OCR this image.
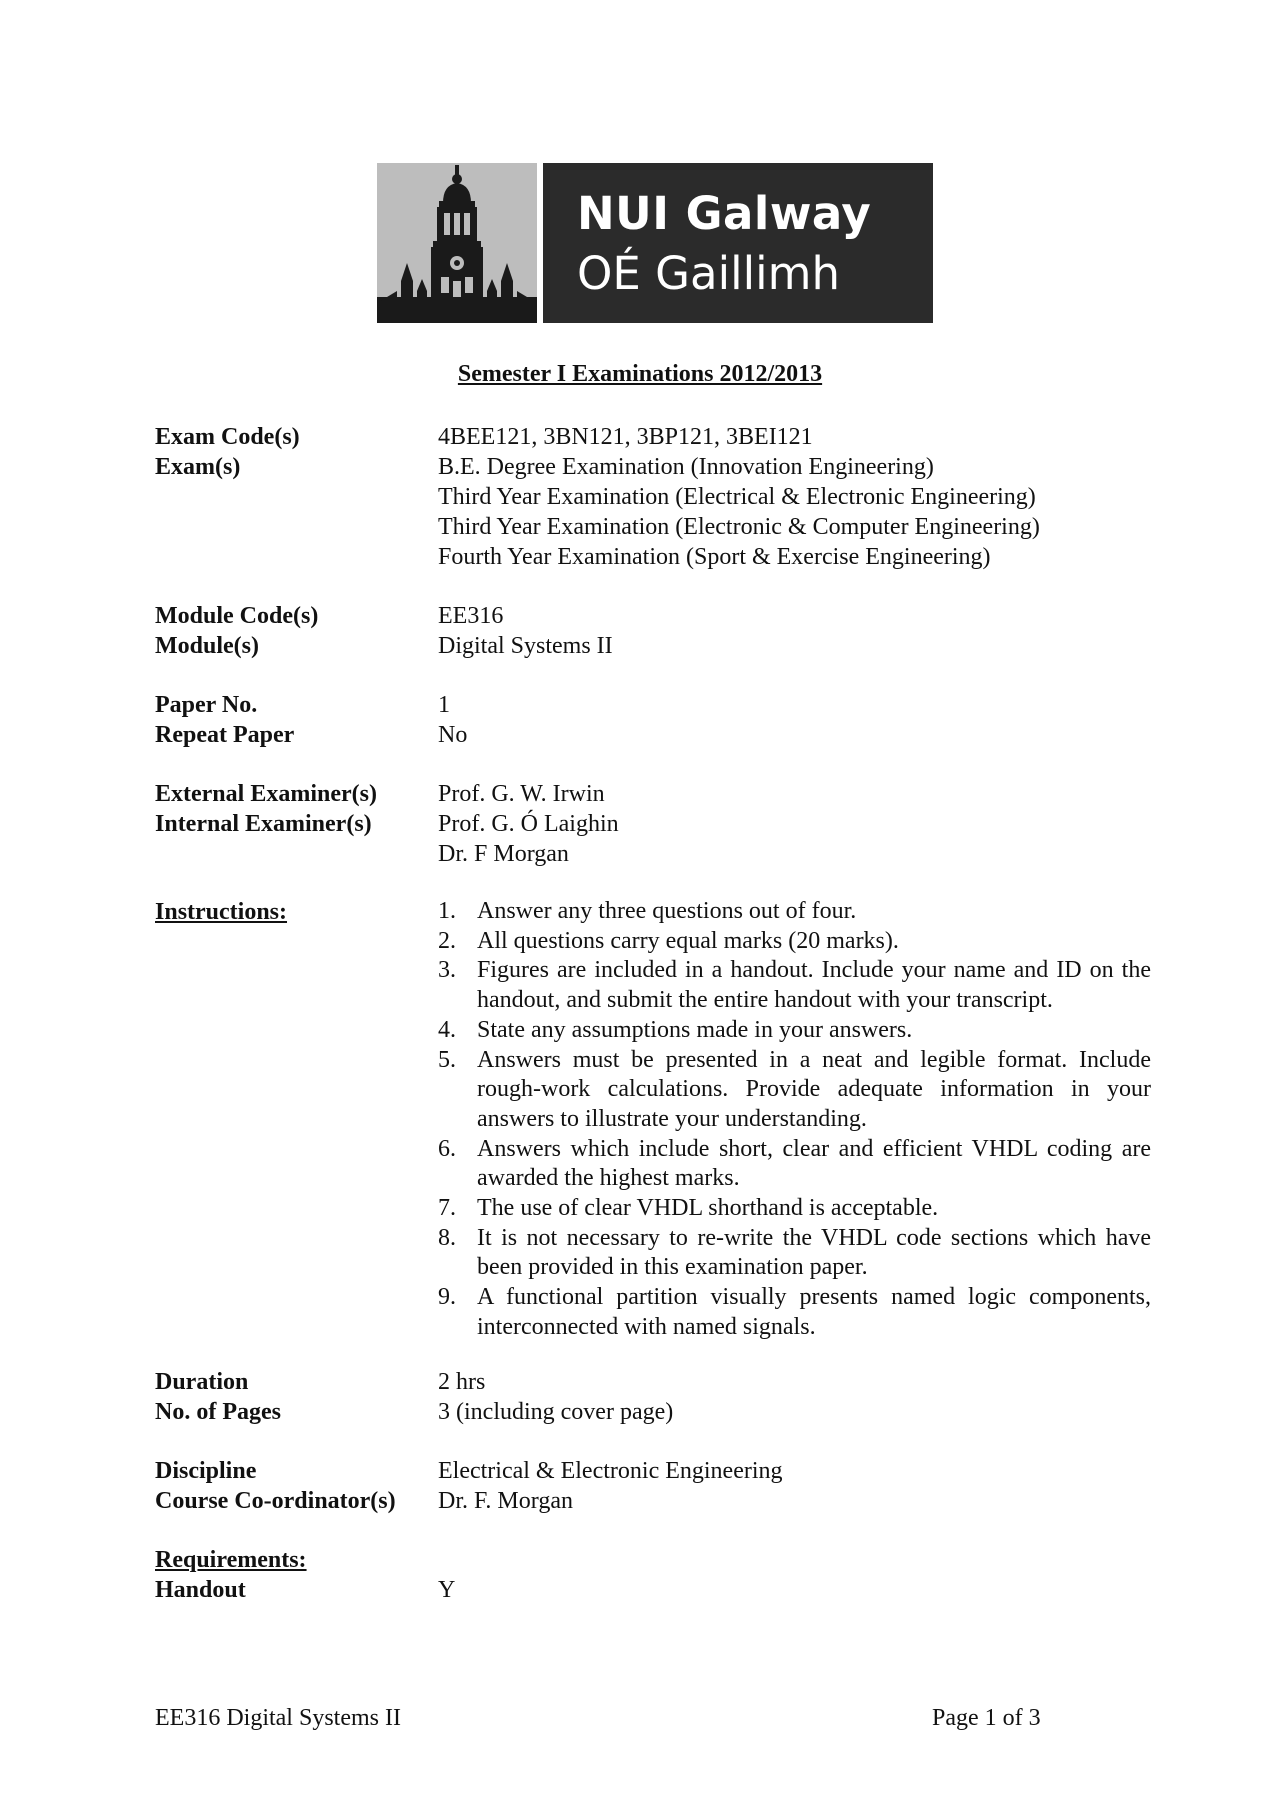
NUI Galway
OÉ Gaillimh
Semester I Examinations 2012/2013
Exam Code(s)	4BEE121, 3BN121, 3BP121, 3BEI121
Exam(s)	B.E. Degree Examination (Innovation Engineering)
Third Year Examination (Electrical & Electronic Engineering)
Third Year Examination (Electronic & Computer Engineering)
Fourth Year Examination (Sport & Exercise Engineering)
Module Code(s)	EE316
Module(s)	Digital Systems II
Paper No.	1
Repeat Paper	No
External Examiner(s)	Prof. G. W. Irwin
Internal Examiner(s)	Prof. G. Ó Laighin
Dr. F Morgan
Instructions:	1. Answer any three questions out of four.
2. All questions carry equal marks (20 marks).
3. Figures are included in a handout. Include your name and ID on the handout, and submit the entire handout with your transcript.
4. State any assumptions made in your answers.
5. Answers must be presented in a neat and legible format. Include rough-work calculations. Provide adequate information in your answers to illustrate your understanding.
6. Answers which include short, clear and efficient VHDL coding are awarded the highest marks.
7. The use of clear VHDL shorthand is acceptable.
8. It is not necessary to re-write the VHDL code sections which have been provided in this examination paper.
9. A functional partition visually presents named logic components, interconnected with named signals.
Duration	2 hrs
No. of Pages	3 (including cover page)
Discipline	Electrical & Electronic Engineering
Course Co-ordinator(s) Dr. F. Morgan
Requirements:
Handout	Y
EE316 Digital Systems II	Page 1 of 3
